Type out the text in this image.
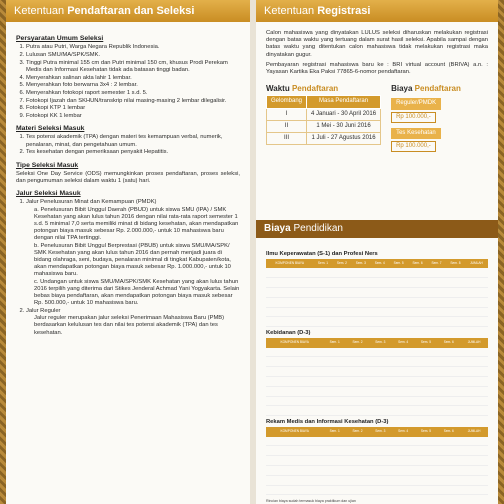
Ketentuan Pendaftaran dan Seleksi
Persyaratan Umum Seleksi
1. Putra atau Putri, Warga Negara Republik Indonesia.
2. Lulusan SMU/MA/SPK/SMK.
3. Tinggi Putra minimal 155 cm dan Putri minimal 150 cm, khusus Prodi Perekam Medis dan Informasi Kesehatan tidak ada batasan tinggi badan.
4. Menyerahkan salinan akta lahir 1 lembar.
5. Menyerahkan foto berwarna 3x4 : 2 lembar.
6. Menyerahkan fotokopi raport semester 1 s.d. 5.
7. Fotokopi Ijazah dan SKHUN/transkrip nilai masing-masing 2 lembar dilegalisir.
8. Fotokopi KTP 1 lembar
9. Fotokopi KK 1 lembar
Materi Seleksi Masuk
1. Tes potensi akademik (TPA) dengan materi tes kemampuan verbal, numerik, penalaran, minat, dan pengetahuan umum.
2. Tes kesehatan dengan pemeriksaan penyakit Hepatitis.
Tipe Seleksi Masuk

Seleksi One Day Service (ODS) memungkinkan proses pendaftaran, proses seleksi, dan pengumuman seleksi dalam waktu 1 (satu) hari.

Jalur Seleksi Masuk
1. Jalur Penelusuran Minat dan Kemampuan (PMDK)
a. Penelusuran Bibit Unggul Daerah (PBUD) untuk siswa SMU (IPA) / SMK Kesehatan yang akan lulus tahun 2016 dengan nilai rata-rata raport semester 1 s.d. 5 minimal 7,0 serta memiliki minat di bidang kesehatan, akan mendapatkan potongan biaya masuk sebesar Rp. 2.000.000,- untuk 10 mahasiswa baru dengan nilai TPA tertinggi.
b. Penelusuran Bibit Unggul Berprestasi (PBUB) untuk siswa SMU/MA/SPK/ SMK Kesehatan yang akan lulus tahun 2016 dan pernah menjadi juara di bidang olahraga, seni, budaya, penalaran minimal di tingkat Kabupaten/kota, akan mendapatkan potongan biaya masuk sebesar Rp. 1.000.000,- untuk 10 mahasiswa baru.
c. Undangan untuk siswa SMU/MA/SPK/SMK Kesehatan yang akan lulus tahun 2016 terpilih yang diterima dari Stikes Jenderal Achmad Yani Yogyakarta. Selain bebas biaya pendaftaran, akan mendapatkan potongan biaya masuk sebesar Rp. 500.000,- untuk 10 mahasiswa baru.
2. Jalur Reguler
Jalur reguler merupakan jalur seleksi Penerimaan Mahasiswa Baru (PMB) berdasarkan kelulusan tes dan nilai tes potensi akademik (TPA) dan tes kesehatan.
Ketentuan Registrasi

Calon mahasiswa yang dinyatakan LULUS seleksi diharuskan melakukan registrasi dengan batas waktu yang tertuang dalam surat hasil seleksi. Apabila sampai dengan batas waktu yang ditentukan calon mahasiswa tidak melakukan registrasi maka dinyatakan gugur.

Pembayaran registrasi mahasiswa baru ke : BRI virtual account (BRIVA) a.n. : Yayasan Kartika Eka Paksi 77865-6-nomor pendaftaran.

Waktu Pendaftaran
Gelombang	Masa Pendaftaran
I	4 Januari - 30 April 2016
II	1 Mei - 30 Juni 2016
III	1 Juli - 27 Agustus 2016
Biaya Pendaftaran
Reguler/PMDK
Rp 100.000,-
Tes Kesehatan
Rp 100.000,-
Biaya Pendidikan
Ilmu Keperawatan (S-1) dan Profesi Ners
KOMPONEN BIAYA	Sem. 1	Sem. 2	Sem. 3	Sem. 4	Sem. 5	Sem. 6	Sem. 7	Sem. 8	JUMLAH

Kebidanan (D-3)
KOMPONEN BIAYA	Sem. 1	Sem. 2	Sem. 3	Sem. 4	Sem. 5	Sem. 6	JUMLAH

Rekam Medis dan Informasi Kesehatan (D-3)
KOMPONEN BIAYA	Sem. 1	Sem. 2	Sem. 3	Sem. 4	Sem. 5	Sem. 6	JUMLAH

Rincian biaya sudah termasuk biaya praktikum dan ujian
